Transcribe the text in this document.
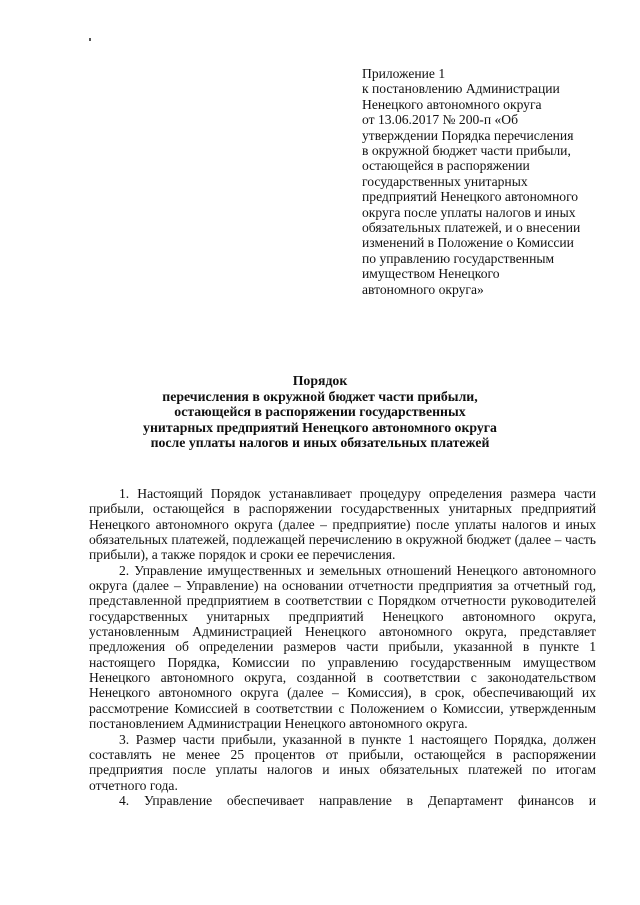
Приложение 1
к постановлению Администрации
Ненецкого автономного округа
от 13.06.2017 № 200-п «Об
утверждении Порядка перечисления
в окружной бюджет части прибыли,
остающейся в распоряжении
государственных унитарных
предприятий Ненецкого автономного
округа после уплаты налогов и иных
обязательных платежей, и о внесении
изменений в Положение о Комиссии
по управлению государственным
имуществом Ненецкого
автономного округа»
Порядок
перечисления в окружной бюджет части прибыли,
остающейся в распоряжении государственных
унитарных предприятий Ненецкого автономного округа
после уплаты налогов и иных обязательных платежей

1. Настоящий Порядок устанавливает процедуру определения размера части прибыли, остающейся в распоряжении государственных унитарных предприятий Ненецкого автономного округа (далее – предприятие) после уплаты налогов и иных обязательных платежей, подлежащей перечислению в окружной бюджет (далее – часть прибыли), а также порядок и сроки ее перечисления.

2. Управление имущественных и земельных отношений Ненецкого автономного округа (далее – Управление) на основании отчетности предприятия за отчетный год, представленной предприятием в соответствии с Порядком отчетности руководителей государственных унитарных предприятий Ненецкого автономного округа, установленным Администрацией Ненецкого автономного округа, представляет предложения об определении размеров части прибыли, указанной в пункте 1 настоящего Порядка, Комиссии по управлению государственным имуществом Ненецкого автономного округа, созданной в соответствии с законодательством Ненецкого автономного округа (далее – Комиссия), в срок, обеспечивающий их рассмотрение Комиссией в соответствии с Положением о Комиссии, утвержденным постановлением Администрации Ненецкого автономного округа.

3. Размер части прибыли, указанной в пункте 1 настоящего Порядка, должен составлять не менее 25 процентов от прибыли, остающейся в распоряжении предприятия после уплаты налогов и иных обязательных платежей по итогам отчетного года.

4. Управление обеспечивает направление в Департамент финансов и
